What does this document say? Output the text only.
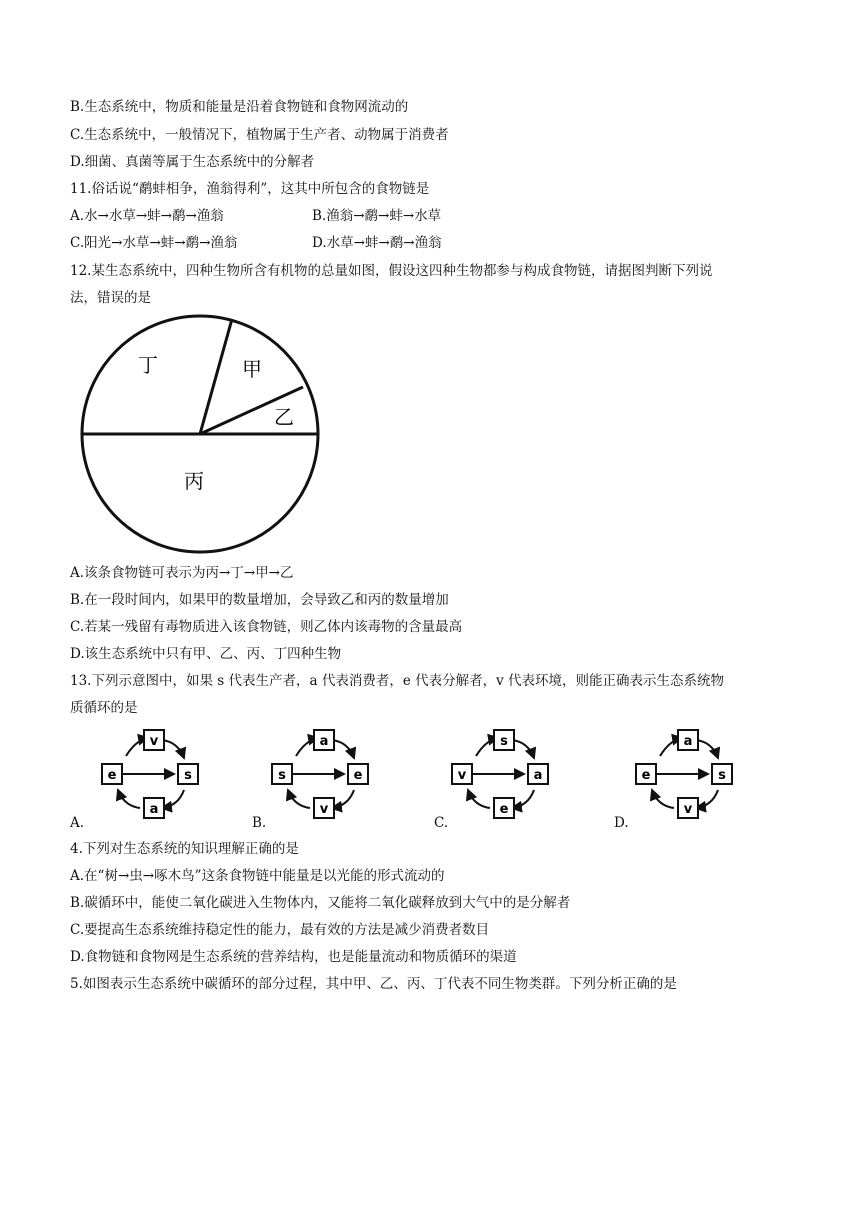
B.生态系统中，物质和能量是沿着食物链和食物网流动的
C.生态系统中，一般情况下，植物属于生产者、动物属于消费者
D.细菌、真菌等属于生态系统中的分解者
11.俗话说“鹬蚌相争，渔翁得利”，这其中所包含的食物链是
A.水→水草→蚌→鹬→渔翁	B.渔翁→鹬→蚌→水草
C.阳光→水草→蚌→鹬→渔翁	D.水草→蚌→鹬→渔翁
12.某生态系统中，四种生物所含有机物的总量如图，假设这四种生物都参与构成食物链，请据图判断下列说
法，错误的是
丁	甲
乙
丙
A.该条食物链可表示为丙→丁→甲→乙
B.在一段时间内，如果甲的数量增加，会导致乙和丙的数量增加
C.若某一残留有毒物质进入该食物链，则乙体内该毒物的含量最高
D.该生态系统中只有甲、乙、丙、丁四种生物
13.下列示意图中，如果 s 代表生产者，a 代表消费者，e 代表分解者，v 代表环境，则能正确表示生态系统物
质循环的是
v
e	s
a
A.
a
s	e
v
B.
s
v	a
e
C.
a
e	s
v
D.
4.下列对生态系统的知识理解正确的是
A.在“树→虫→啄木鸟”这条食物链中能量是以光能的形式流动的
B.碳循环中，能使二氧化碳进入生物体内，又能将二氧化碳释放到大气中的是分解者
C.要提高生态系统维持稳定性的能力，最有效的方法是减少消费者数目
D.食物链和食物网是生态系统的营养结构，也是能量流动和物质循环的渠道
5.如图表示生态系统中碳循环的部分过程，其中甲、乙、丙、丁代表不同生物类群。下列分析正确的是
